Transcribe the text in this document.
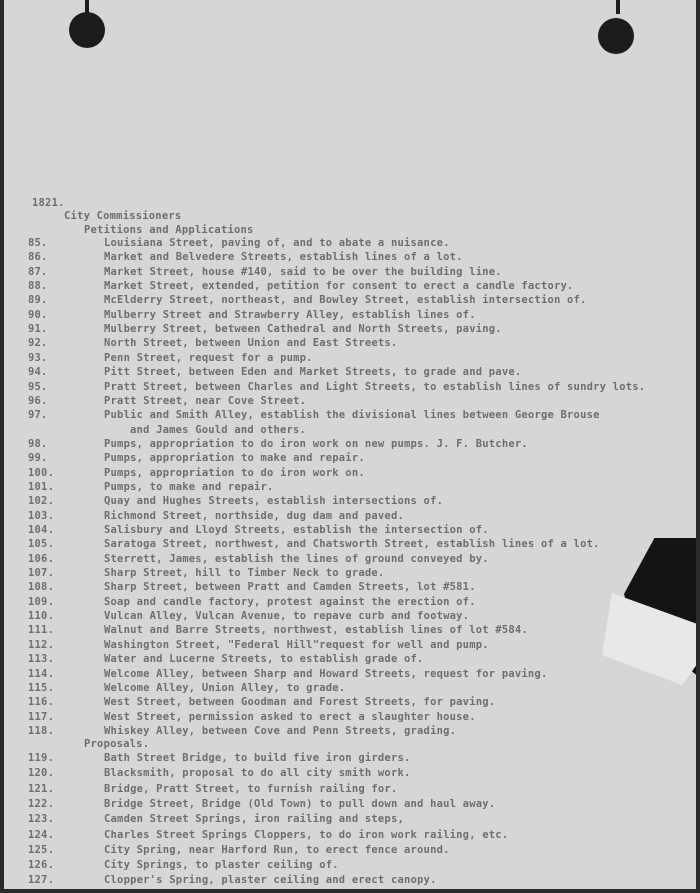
1821.
City Commissioners
Petitions and Applications
85.	Louisiana Street, paving of, and to abate a nuisance.
86.	Market and Belvedere Streets, establish lines of a lot.
87.	Market Street, house #140, said to be over the building line.
88.	Market Street, extended, petition for consent to erect a candle factory.
89.	McElderry Street, northeast, and Bowley Street, establish intersection of.
90.	Mulberry Street and Strawberry Alley, establish lines of.
91.	Mulberry Street, between Cathedral and North Streets, paving.
92.	North Street, between Union and East Streets.
93.	Penn Street, request for a pump.
94.	Pitt Street, between Eden and Market Streets, to grade and pave.
95.	Pratt Street, between Charles and Light Streets, to establish lines of sundry lots.
96.	Pratt Street, near Cove Street.
97.	Public and Smith Alley, establish the divisional lines between George Brouse
and James Gould and others.
98.	Pumps, appropriation to do iron work on new pumps. J. F. Butcher.
99.	Pumps, appropriation to make and repair.
100.	Pumps, appropriation to do iron work on.
101.	Pumps, to make and repair.
102.	Quay and Hughes Streets, establish intersections of.
103.	Richmond Street, northside, dug dam and paved.
104.	Salisbury and Lloyd Streets, establish the intersection of.
105.	Saratoga Street, northwest, and Chatsworth Street, establish lines of a lot.
106.	Sterrett, James, establish the lines of ground conveyed by.
107.	Sharp Street, hill to Timber Neck to grade.
108.	Sharp Street, between Pratt and Camden Streets, lot #581.
109.	Soap and candle factory, protest against the erection of.
110.	Vulcan Alley, Vulcan Avenue, to repave curb and footway.
111.	Walnut and Barre Streets, northwest, establish lines of lot #584.
112.	Washington Street, "Federal Hill"request for well and pump.
113.	Water and Lucerne Streets, to establish grade of.
114.	Welcome Alley, between Sharp and Howard Streets, request for paving.
115.	Welcome Alley, Union Alley, to grade.
116.	West Street, between Goodman and Forest Streets, for paving.
117.	West Street, permission asked to erect a slaughter house.
118.	Whiskey Alley, between Cove and Penn Streets, grading.
Proposals.
119.	Bath Street Bridge, to build five iron girders.
120.	Blacksmith, proposal to do all city smith work.
121.	Bridge, Pratt Street, to furnish railing for.
122.	Bridge Street, Bridge (Old Town) to pull down and haul away.
123.	Camden Street Springs, iron railing and steps,
124.	Charles Street Springs Cloppers, to do iron work railing, etc.
125.	City Spring, near Harford Run, to erect fence around.
126.	City Springs, to plaster ceiling of.
127.	Clopper's Spring, plaster ceiling and erect canopy.
